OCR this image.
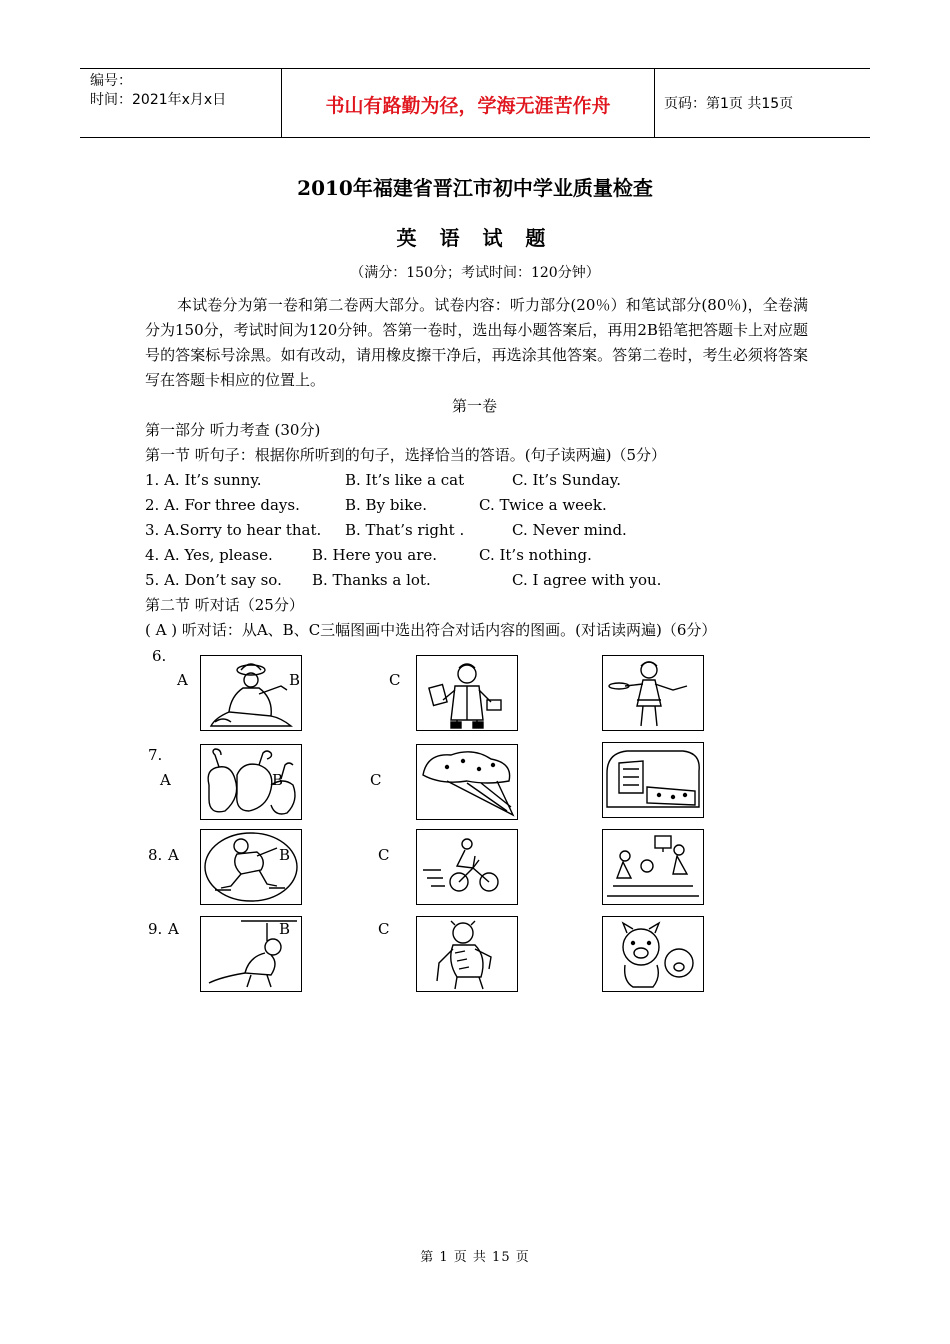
编号：
时间：2021年x月x日	书山有路勤为径，学海无涯苦作舟	页码：第1页 共15页
2010年福建省晋江市初中学业质量检查
英 语 试 题
（满分：150分；考试时间：120分钟）
本试卷分为第一卷和第二卷两大部分。试卷内容：听力部分(20％）和笔试部分(80％)，全卷满分为150分，考试时间为120分钟。答第一卷时，选出每小题答案后，再用2B铅笔把答题卡上对应题号的答案标号涂黑。如有改动，请用橡皮擦干净后，再选涂其他答案。答第二卷时，考生必须将答案写在答题卡相应的位置上。
第一卷
第一部分 听力考查 (30分)
第一节 听句子：根据你所听到的句子，选择恰当的答语。(句子读两遍)（5分）
1. A. It’s sunny.	B. It’s like a cat	C. It’s Sunday.
2. A. For three days.	B. By bike.	C. Twice a week.
3. A.Sorry to hear that. B. That’s right .	C. Never mind.
4. A. Yes, please.	B. Here you are.	C. It’s nothing.
5. A. Don’t say so. B. Thanks a lot.	C. I agree with you.
第二节 听对话（25分）
( A ) 听对话：从A、B、C三幅图画中选出符合对话内容的图画。(对话读两遍)（6分）
6.
A	C
B
7.
A	C
B
8. A	C
B
9. A	C
B
第 1 页 共 15 页
